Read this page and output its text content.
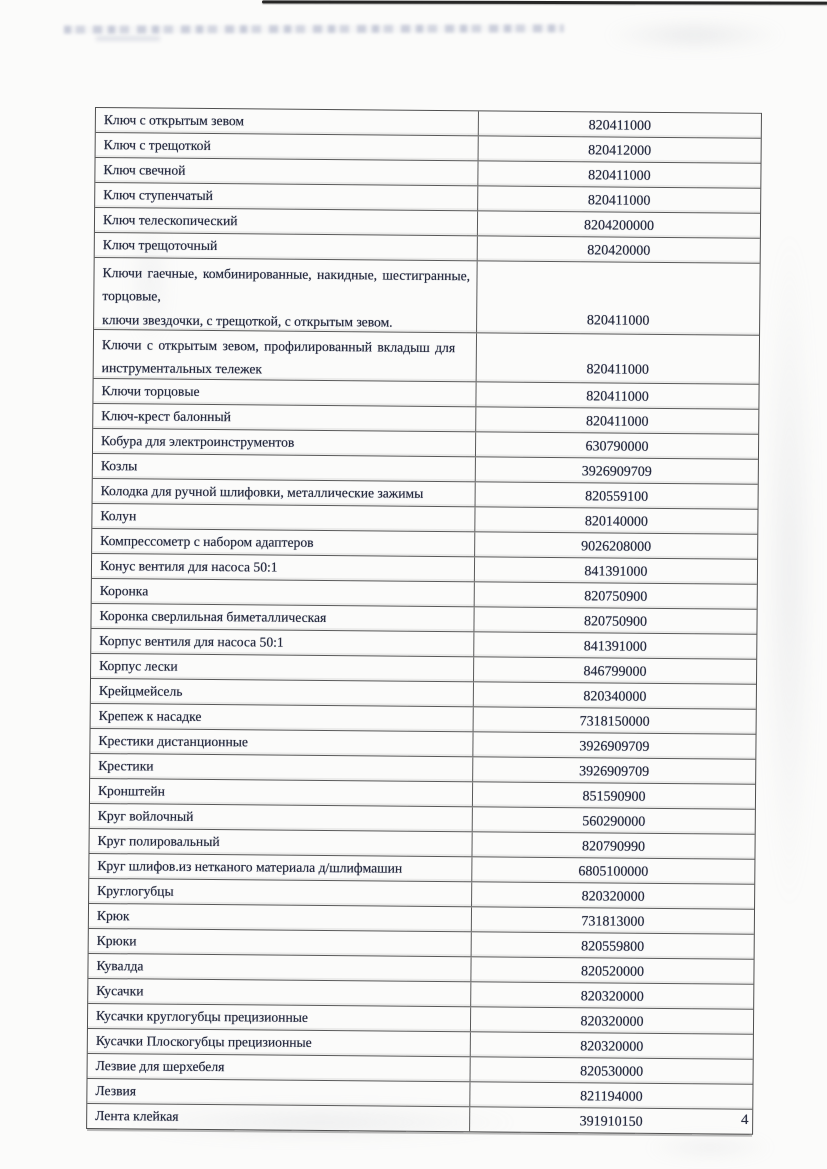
Ключ с открытым зевом	820411000
Ключ с трещоткой	820412000
Ключ свечной	820411000
Ключ ступенчатый	820411000
Ключ телескопический	8204200000
Ключ трещоточный	820420000
Ключи гаечные, комбинированные, накидные, шестигранные,
торцовые,
ключи звездочки, с трещоткой, с открытым зевом.	820411000
Ключи с открытым зевом, профилированный вкладыш для
инструментальных тележек	820411000
Ключи торцовые	820411000
Ключ-крест балонный	820411000
Кобура для электроинструментов	630790000
Козлы	3926909709
Колодка для ручной шлифовки, металлические зажимы	820559100
Колун	820140000
Компрессометр с набором адаптеров	9026208000
Конус вентиля для насоса 50:1	841391000
Коронка	820750900
Коронка сверлильная биметаллическая	820750900
Корпус вентиля для насоса 50:1	841391000
Корпус лески	846799000
Крейцмейсель	820340000
Крепеж к насадке	7318150000
Крестики дистанционные	3926909709
Крестики	3926909709
Кронштейн	851590900
Круг войлочный	560290000
Круг полировальный	820790990
Круг шлифов.из нетканого материала д/шлифмашин	6805100000
Круглогубцы	820320000
Крюк	731813000
Крюки	820559800
Кувалда	820520000
Кусачки	820320000
Кусачки круглогубцы прецизионные	820320000
Кусачки Плоскогубцы прецизионные	820320000
Лезвие для шерхебеля	820530000
Лезвия	821194000
Лента клейкая	391910150	4
